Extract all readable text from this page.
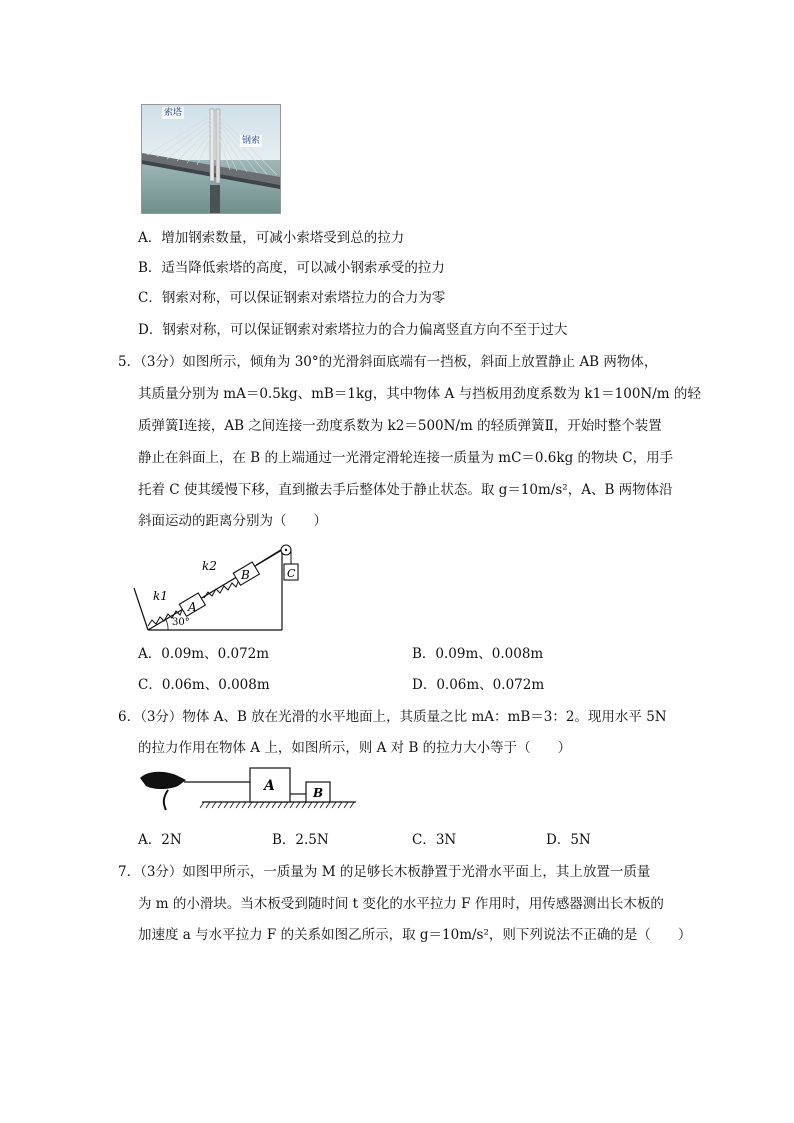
索塔
钢索
A．增加钢索数量，可减小索塔受到总的拉力
B．适当降低索塔的高度，可以减小钢索承受的拉力
C．钢索对称，可以保证钢索对索塔拉力的合力为零
D．钢索对称，可以保证钢索对索塔拉力的合力偏离竖直方向不至于过大
5．（3分）如图所示，倾角为 30°的光滑斜面底端有一挡板，斜面上放置静止 AB 两物体，
其质量分别为 mA＝0.5kg、mB＝1kg，其中物体 A 与挡板用劲度系数为 k1＝100N/m 的轻
质弹簧Ⅰ连接，AB 之间连接一劲度系数为 k2＝500N/m 的轻质弹簧Ⅱ，开始时整个装置
静止在斜面上，在 B 的上端通过一光滑定滑轮连接一质量为 mC＝0.6kg 的物块 C，用手
托着 C 使其缓慢下移，直到撤去手后整体处于静止状态。取 g＝10m/s²，A、B 两物体沿
斜面运动的距离分别为（　　）
k1
k2
A
B	C
30°
A．0.09m、0.072m	B．0.09m、0.008m
C．0.06m、0.008m	D．0.06m、0.072m
6．（3分）物体 A、B 放在光滑的水平地面上，其质量之比 mA：mB＝3：2。现用水平 5N
的拉力作用在物体 A 上，如图所示，则 A 对 B 的拉力大小等于（　　）
A	B
A．2N	B．2.5N	C．3N	D．5N
7．（3分）如图甲所示，一质量为 M 的足够长木板静置于光滑水平面上，其上放置一质量
为 m 的小滑块。当木板受到随时间 t 变化的水平拉力 F 作用时，用传感器测出长木板的
加速度 a 与水平拉力 F 的关系如图乙所示，取 g＝10m/s²，则下列说法不正确的是（　　）
